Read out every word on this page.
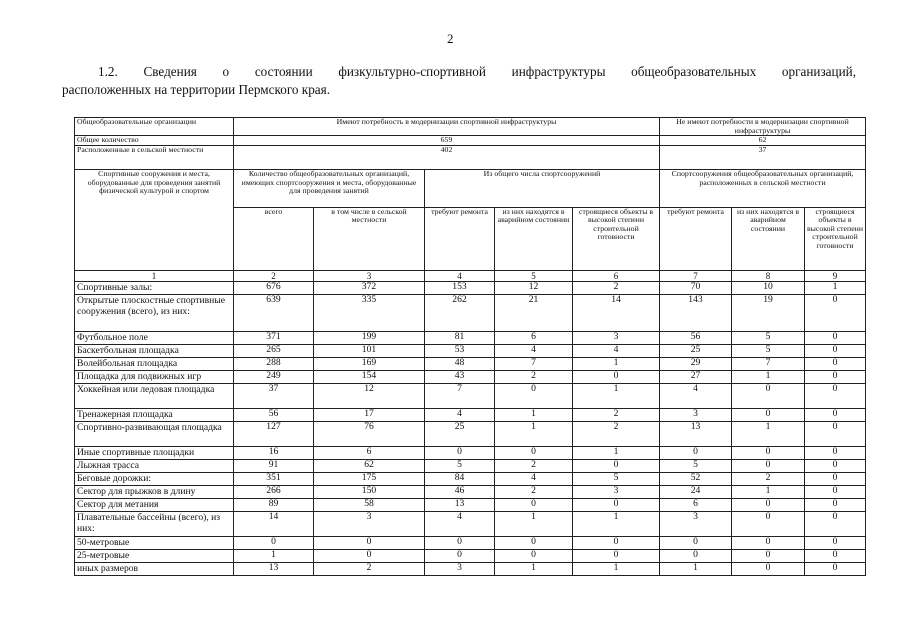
2
1.2. Сведения о состоянии физкультурно-спортивной инфраструктуры общеобразовательных организаций,
расположенных на территории Пермского края.
Общеобразовательные организации	Имеют потребность в модернизации спортивной инфраструктуры					Не имеют потребности в модернизации спортивной инфраструктуры		
Общее количество	659					62		
Расположенные в сельской местности	402					37		
Спортивные сооружения и места, оборудованные для проведения занятий физической культурой и спортом	Количество общеобразовательных организаций, имеющих спортсооружения и места, оборудованные для проведения занятий		Из общего числа спортсооружений			Спортсооружения общеобразовательных организаций, расположенных в сельской местности		
	всего	в том числе в сельской местности	требуют ремонта	из них находятся в аварийном состоянии	строящиеся объекты в высокой степени строительной готовности	требуют ремонта	из них находятся в аварийном состоянии	строящиеся объекты в высокой степени строительной готовности
1	2	3	4	5	6	7	8	9
Спортивные залы:	676	372	153	12	2	70	10	1
Открытые плоскостные спортивные сооружения (всего), из них:	639	335	262	21	14	143	19	0
Футбольное поле	371	199	81	6	3	56	5	0
Баскетбольная площадка	265	101	53	4	4	25	5	0
Волейбольная площадка	288	169	48	7	1	29	7	0
Площадка для подвижных игр	249	154	43	2	0	27	1	0
Хоккейная или ледовая площадка	37	12	7	0	1	4	0	0
Тренажерная площадка	56	17	4	1	2	3	0	0
Спортивно-развивающая площадка	127	76	25	1	2	13	1	0
Иные спортивные площадки	16	6	0	0	1	0	0	0
Лыжная трасса	91	62	5	2	0	5	0	0
Беговые дорожки:	351	175	84	4	5	52	2	0
Сектор для прыжков в длину	266	150	46	2	3	24	1	0
Сектор для метания	89	58	13	0	0	6	0	0
Плавательные бассейны (всего), из них:	14	3	4	1	1	3	0	0
50-метровые	0	0	0	0	0	0	0	0
25-метровые	1	0	0	0	0	0	0	0
иных размеров	13	2	3	1	1	1	0	0
